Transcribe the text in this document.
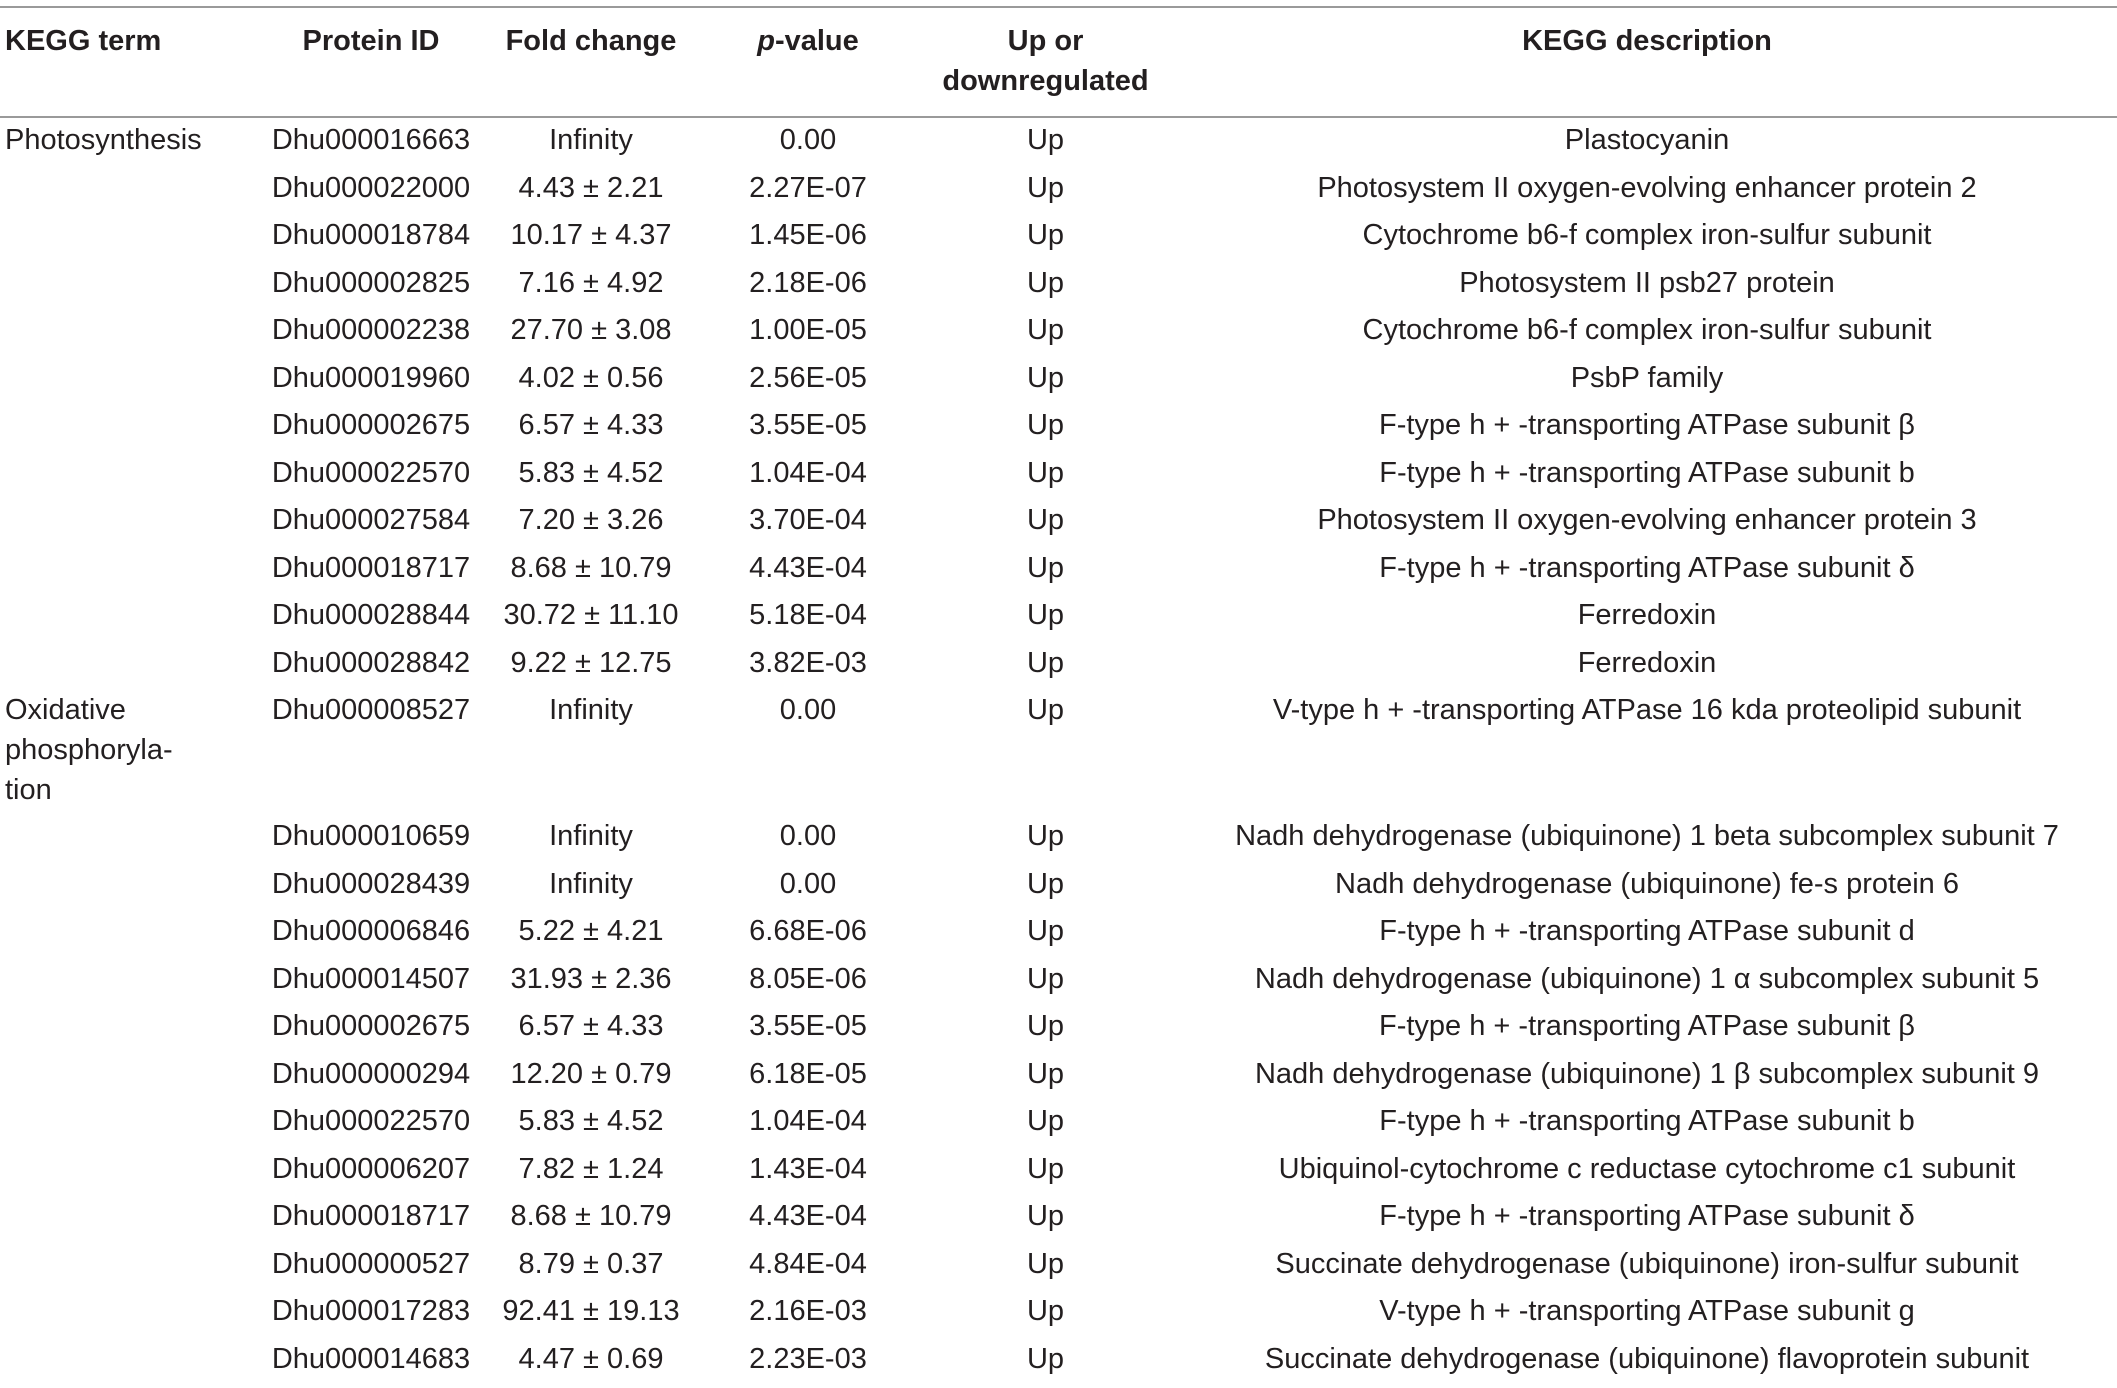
KEGG term	Protein ID	Fold change	p-value	Up or downregulated	KEGG description

Photosynthesis	Dhu000016663	Infinity	0.00	Up	Plastocyanin

	Dhu000022000	4.43 ± 2.21	2.27E-07	Up	Photosystem II oxygen-evolving enhancer protein 2

	Dhu000018784	10.17 ± 4.37	1.45E-06	Up	Cytochrome b6-f complex iron-sulfur subunit

	Dhu000002825	7.16 ± 4.92	2.18E-06	Up	Photosystem II psb27 protein

	Dhu000002238	27.70 ± 3.08	1.00E-05	Up	Cytochrome b6-f complex iron-sulfur subunit

	Dhu000019960	4.02 ± 0.56	2.56E-05	Up	PsbP family

	Dhu000002675	6.57 ± 4.33	3.55E-05	Up	F-type h + -transporting ATPase subunit β

	Dhu000022570	5.83 ± 4.52	1.04E-04	Up	F-type h + -transporting ATPase subunit b

	Dhu000027584	7.20 ± 3.26	3.70E-04	Up	Photosystem II oxygen-evolving enhancer protein 3

	Dhu000018717	8.68 ± 10.79	4.43E-04	Up	F-type h + -transporting ATPase subunit δ

	Dhu000028844	30.72 ± 11.10	5.18E-04	Up	Ferredoxin

	Dhu000028842	9.22 ± 12.75	3.82E-03	Up	Ferredoxin

Oxidative phosphoryla-tion	Dhu000008527	Infinity	0.00	Up	V-type h + -transporting ATPase 16 kda proteolipid subunit

	Dhu000010659	Infinity	0.00	Up	Nadh dehydrogenase (ubiquinone) 1 beta subcomplex subunit 7

	Dhu000028439	Infinity	0.00	Up	Nadh dehydrogenase (ubiquinone) fe-s protein 6

	Dhu000006846	5.22 ± 4.21	6.68E-06	Up	F-type h + -transporting ATPase subunit d

	Dhu000014507	31.93 ± 2.36	8.05E-06	Up	Nadh dehydrogenase (ubiquinone) 1 α subcomplex subunit 5

	Dhu000002675	6.57 ± 4.33	3.55E-05	Up	F-type h + -transporting ATPase subunit β

	Dhu000000294	12.20 ± 0.79	6.18E-05	Up	Nadh dehydrogenase (ubiquinone) 1 β subcomplex subunit 9

	Dhu000022570	5.83 ± 4.52	1.04E-04	Up	F-type h + -transporting ATPase subunit b

	Dhu000006207	7.82 ± 1.24	1.43E-04	Up	Ubiquinol-cytochrome c reductase cytochrome c1 subunit

	Dhu000018717	8.68 ± 10.79	4.43E-04	Up	F-type h + -transporting ATPase subunit δ

	Dhu000000527	8.79 ± 0.37	4.84E-04	Up	Succinate dehydrogenase (ubiquinone) iron-sulfur subunit

	Dhu000017283	92.41 ± 19.13	2.16E-03	Up	V-type h + -transporting ATPase subunit g

	Dhu000014683	4.47 ± 0.69	2.23E-03	Up	Succinate dehydrogenase (ubiquinone) flavoprotein subunit
